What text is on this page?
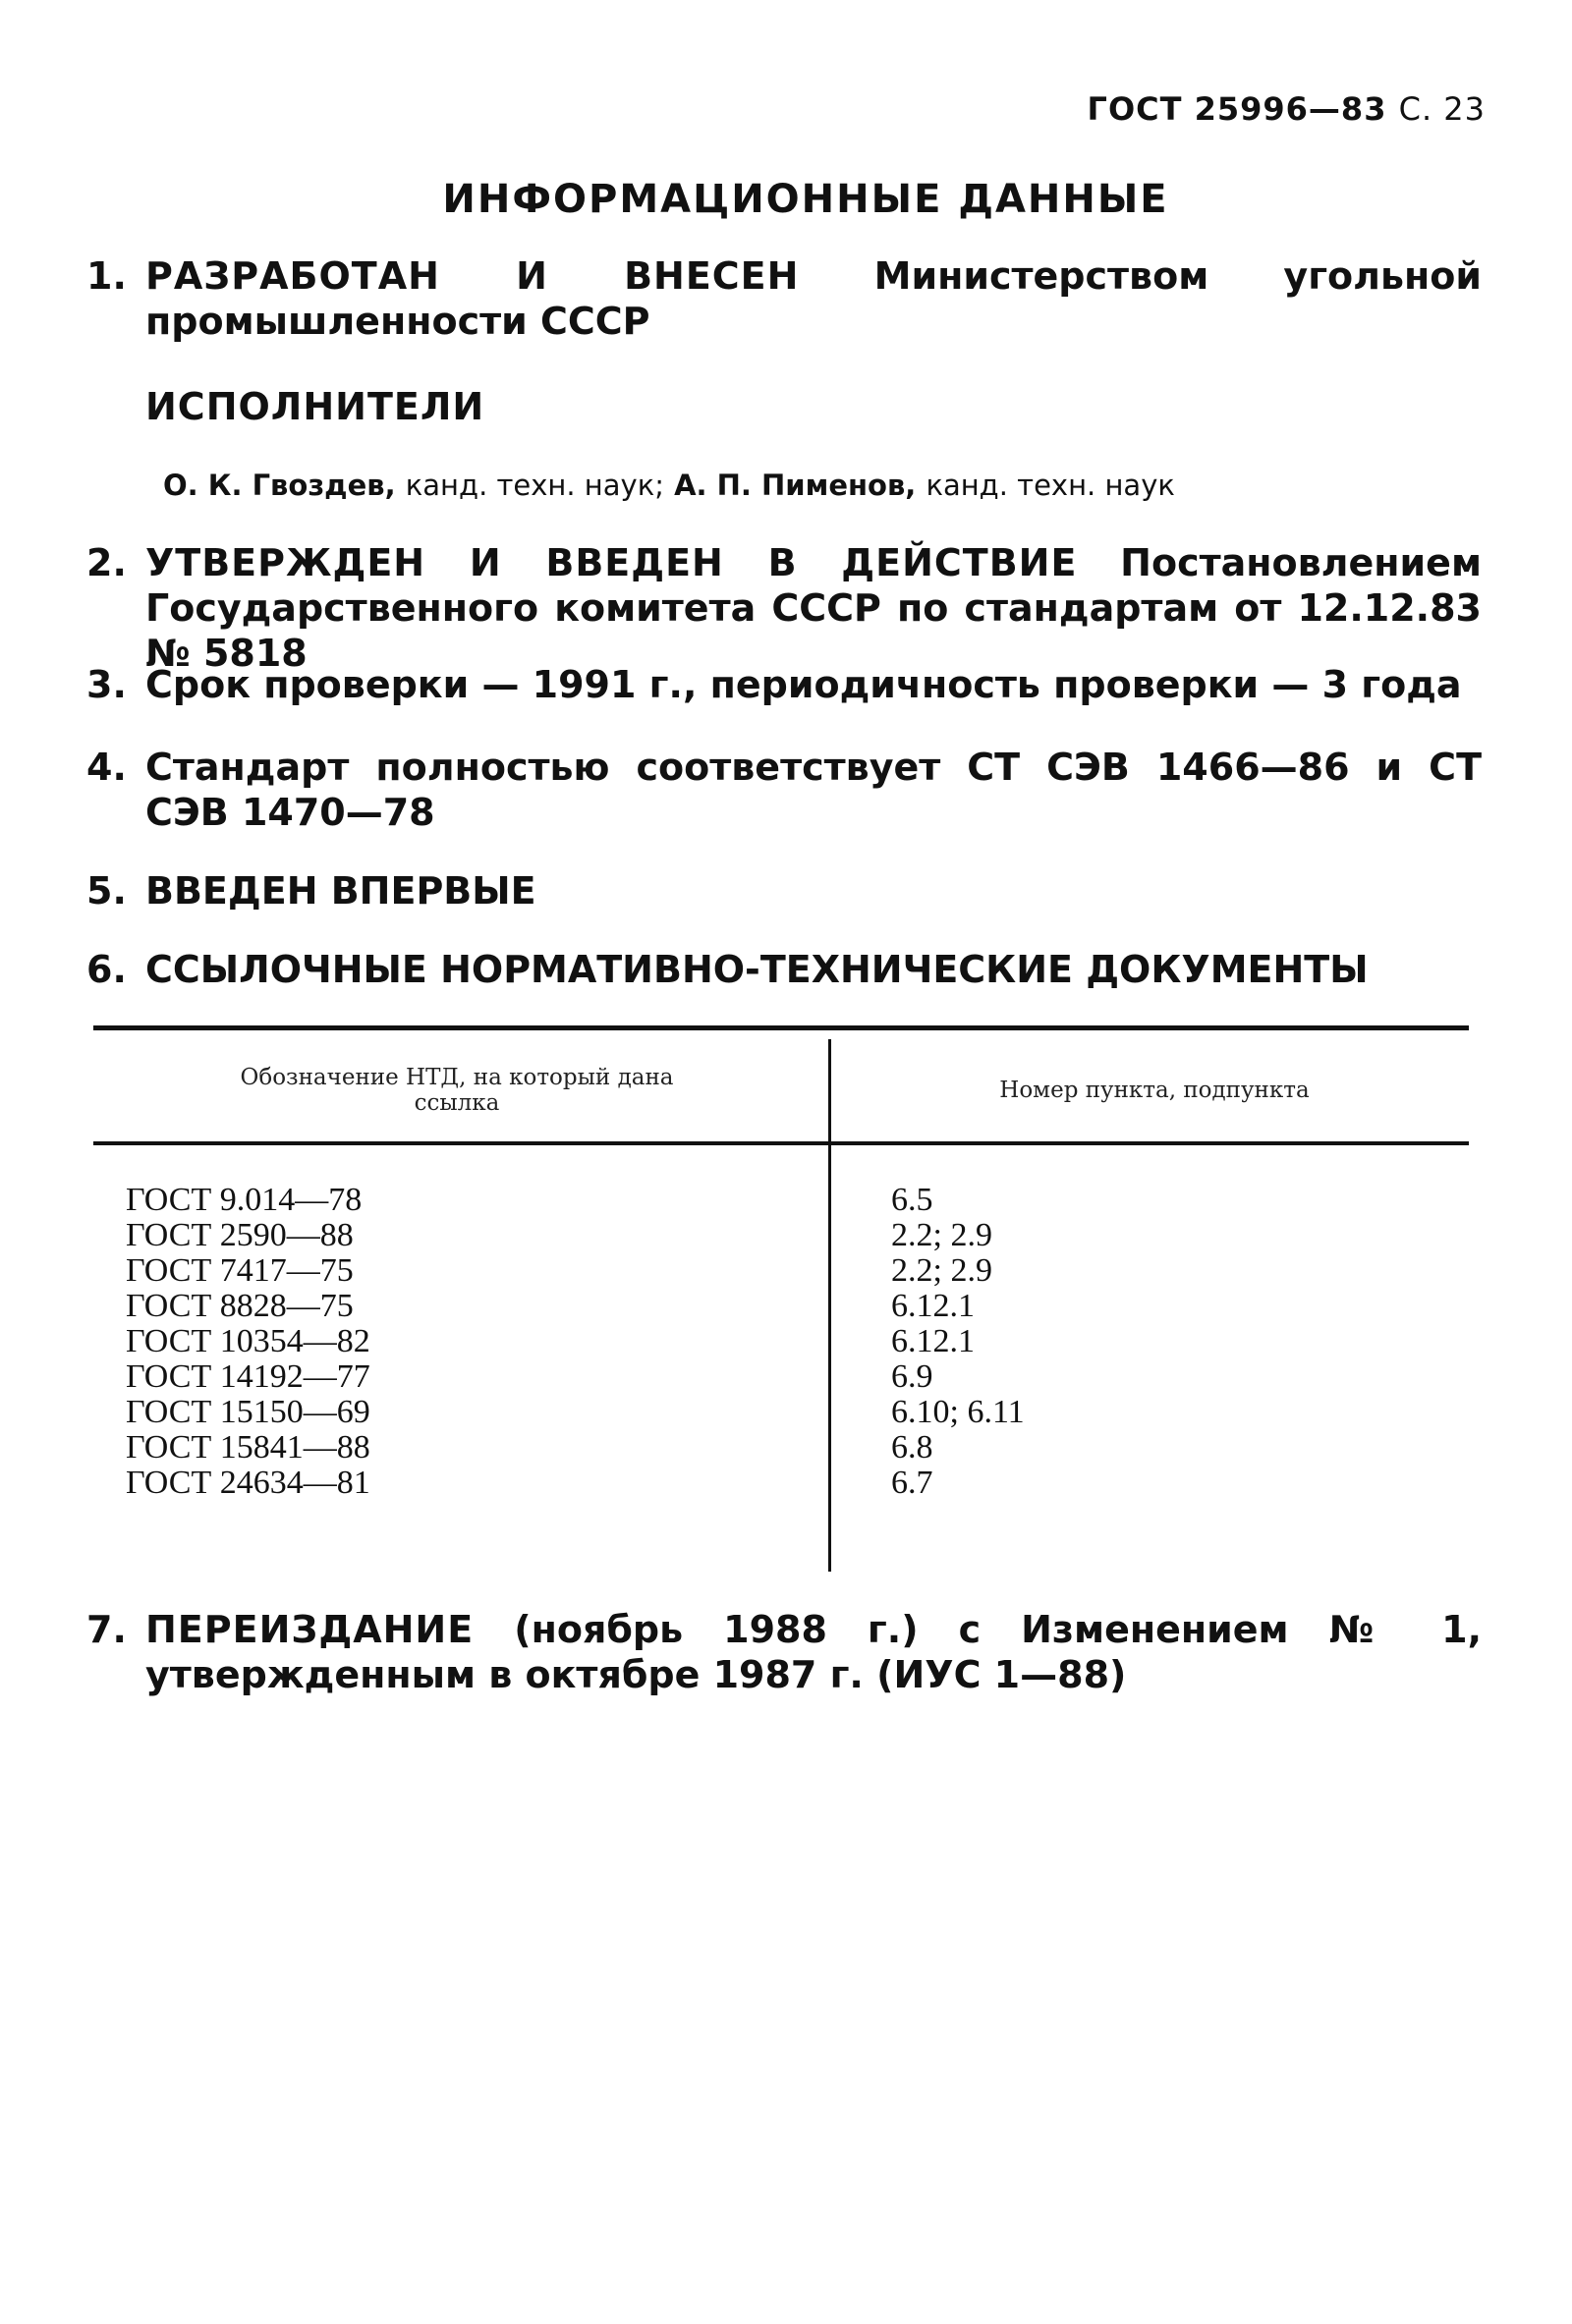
ГОСТ 25996—83 С. 23
ИНФОРМАЦИОННЫЕ ДАННЫЕ
1. РАЗРАБОТАН И ВНЕСЕН Министерством угольной промышленности СССР
ИСПОЛНИТЕЛИ
О. К. Гвоздев, канд. техн. наук; А. П. Пименов, канд. техн. наук
2. УТВЕРЖДЕН И ВВЕДЕН В ДЕЙСТВИЕ Постановлением Государственного комитета СССР по стандартам от 12.12.83 № 5818
3. Срок проверки — 1991 г., периодичность проверки — 3 года
4. Стандарт полностью соответствует СТ СЭВ 1466—86 и СТ СЭВ 1470—78
5. ВВЕДЕН ВПЕРВЫЕ
6. ССЫЛОЧНЫЕ НОРМАТИВНО-ТЕХНИЧЕСКИЕ ДОКУМЕНТЫ
Обозначение НТД, на который дана ссылка	Номер пункта, подпункта
ГОСТ 9.014—78
ГОСТ 2590—88
ГОСТ 7417—75
ГОСТ 8828—75
ГОСТ 10354—82
ГОСТ 14192—77
ГОСТ 15150—69
ГОСТ 15841—88
ГОСТ 24634—81
6.5
2.2; 2.9
2.2; 2.9
6.12.1
6.12.1
6.9
6.10; 6.11
6.8
6.7
7. ПЕРЕИЗДАНИЕ (ноябрь 1988 г.) с Изменением № 1, утвержденным в октябре 1987 г. (ИУС 1—88)
